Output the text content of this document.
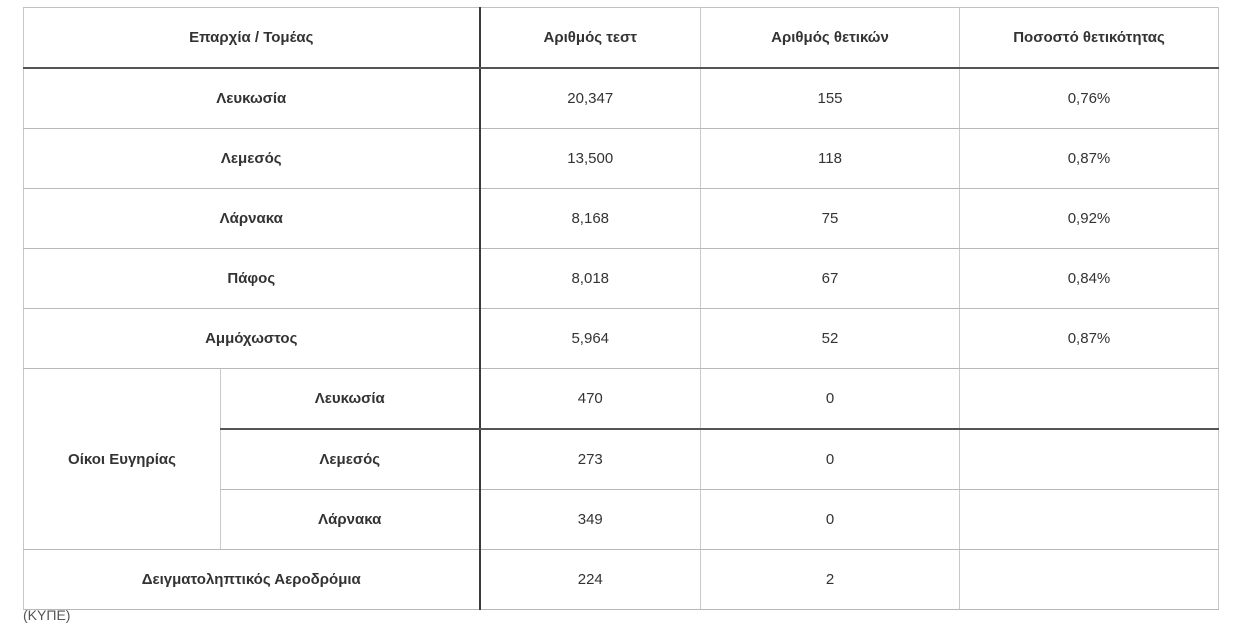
Επαρχία / Τομέας		Αριθμός τεστ	Αριθμός θετικών	Ποσοστό θετικότητας
Λευκωσία		20,347	155	0,76%
Λεμεσός		13,500	118	0,87%
Λάρνακα		8,168	75	0,92%
Πάφος		8,018	67	0,84%
Αμμόχωστος		5,964	52	0,87%
Οίκοι Ευγηρίας	Λευκωσία	470	0	
	Λεμεσός	273	0	
	Λάρνακα	349	0	
Δειγματοληπτικός Αεροδρόμια		224	2	
(ΚΥΠΕ)
